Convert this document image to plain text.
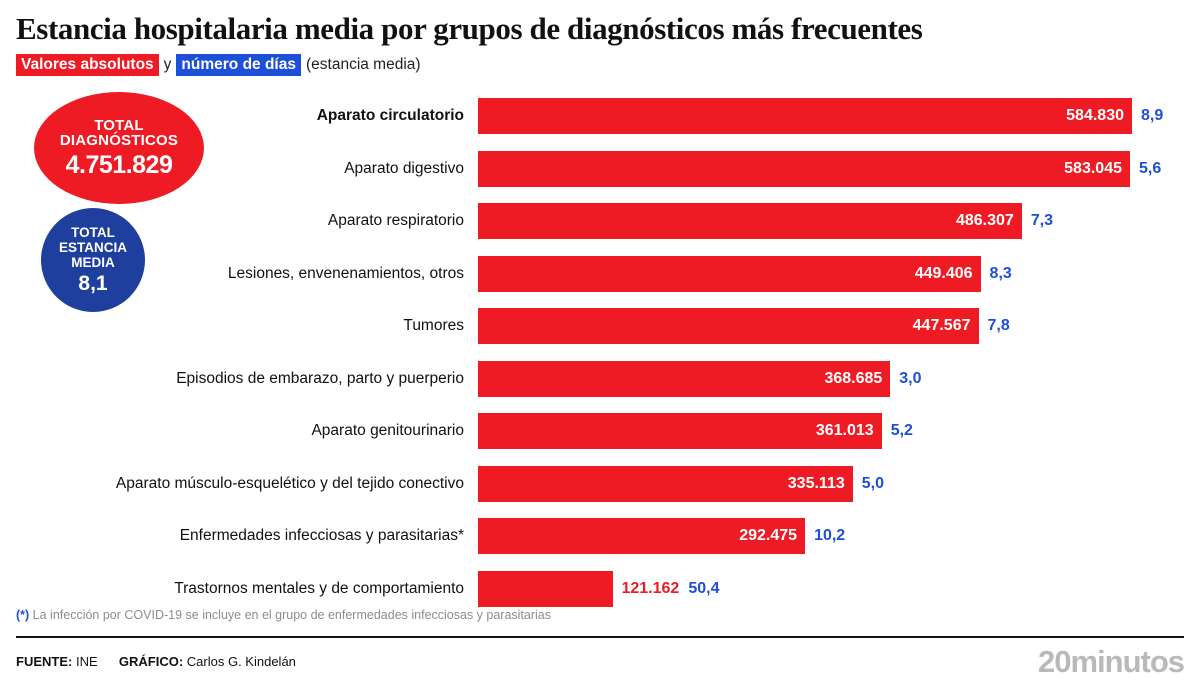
Estancia hospitalaria media por grupos de diagnósticos más frecuentes
Valores absolutos y número de días (estancia media)
TOTAL
DIAGNÓSTICOS
4.751.829
TOTAL
ESTANCIA
MEDIA
8,1
Aparato circulatorio	584.830 8,9
Aparato digestivo	583.045 5,6
Aparato respiratorio	486.307 7,3
Lesiones, envenenamientos, otros	449.406 8,3
Tumores	447.567 7,8
Episodios de embarazo, parto y puerperio	368.685 3,0
Aparato genitourinario	361.013 5,2
Aparato músculo-esquelético y del tejido conectivo	335.113 5,0
Enfermedades infecciosas y parasitarias*	292.475 10,2
Trastornos mentales y de comportamiento	121.162 50,4
(*) La infección por COVID-19 se incluye en el grupo de enfermedades infecciosas y parasitarias
FUENTE: INE GRÁFICO: Carlos G. Kindelán	20minutos
